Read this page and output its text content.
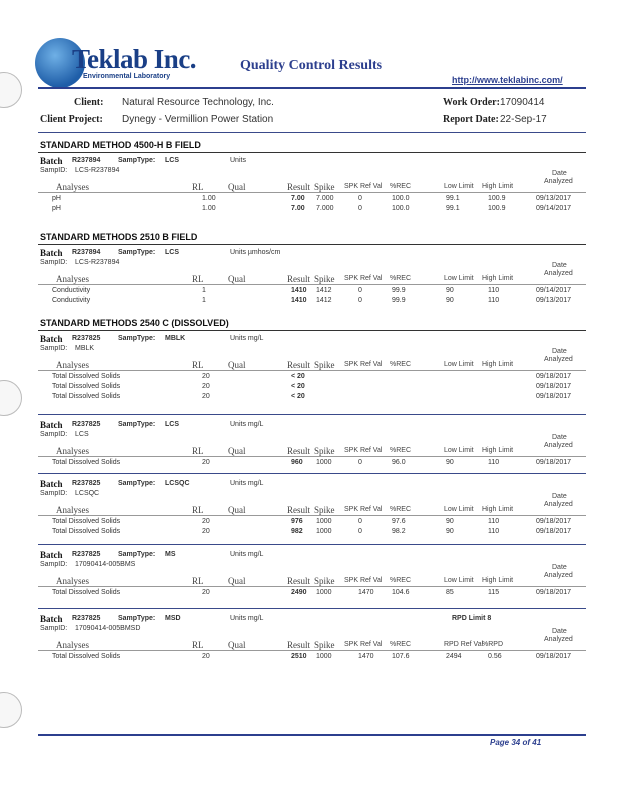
Teklab Inc.
Environmental Laboratory
Quality Control Results
http://www.teklabinc.com/
Client: Natural Resource Technology, Inc.
Client Project: Dynegy - Vermillion Power Station
Work Order: 17090414
Report Date: 22-Sep-17
STANDARD METHOD 4500-H B FIELD
Batch R237894	SampType: LCS	Units
SampID: LCS-R237894
Analyses	RL	Qual	Result Spike SPK Ref Val %REC	Low Limit High Limit
Date
Analyzed
pH	1.00	7.00 7.000	0	100.0	99.1	100.9	09/13/2017
pH	1.00	7.00 7.000	0	100.0	99.1	100.9	09/14/2017
STANDARD METHODS 2510 B FIELD
Batch R237894	SampType: LCS	Units µmhos/cm
SampID: LCS-R237894
Analyses	RL	Qual	Result Spike SPK Ref Val %REC	Low Limit High Limit
Date
Analyzed
Conductivity	1	1410 1412	0	99.9	90	110	09/14/2017
Conductivity	1	1410 1412	0	99.9	90	110	09/13/2017
STANDARD METHODS 2540 C (DISSOLVED)
Batch R237825	SampType: MBLK	Units mg/L
SampID: MBLK
Analyses	RL	Qual	Result Spike SPK Ref Val %REC	Low Limit High Limit
Date
Analyzed
Total Dissolved Solids	20	< 20	09/18/2017
Total Dissolved Solids	20	< 20	09/18/2017
Total Dissolved Solids	20	< 20	09/18/2017
Batch R237825	SampType: LCS	Units mg/L
SampID: LCS
Analyses	RL	Qual	Result Spike SPK Ref Val %REC	Low Limit High Limit
Date
Analyzed
Total Dissolved Solids	20	960 1000	0	96.0	90	110	09/18/2017
Batch R237825	SampType: LCSQC	Units mg/L
SampID: LCSQC
Analyses	RL	Qual	Result Spike SPK Ref Val %REC	Low Limit High Limit
Date
Analyzed
Total Dissolved Solids	20	976 1000	0	97.6	90	110	09/18/2017
Total Dissolved Solids	20	982 1000	0	98.2	90	110	09/18/2017
Batch R237825	SampType: MS	Units mg/L
SampID: 17090414-005BMS
Analyses	RL	Qual	Result Spike SPK Ref Val %REC	Low Limit High Limit
Date
Analyzed
Total Dissolved Solids	20	2490 1000	1470	104.6	85	115	09/18/2017
Batch R237825	SampType: MSD	Units mg/L	RPD Limit 8
SampID: 17090414-005BMSD
Analyses	RL	Qual	Result Spike SPK Ref Val %REC	RPD Ref Val
%RPD
Date
Analyzed
Total Dissolved Solids	20	2510 1000	1470	107.6	2494	0.56	09/18/2017
Page 34 of 41
